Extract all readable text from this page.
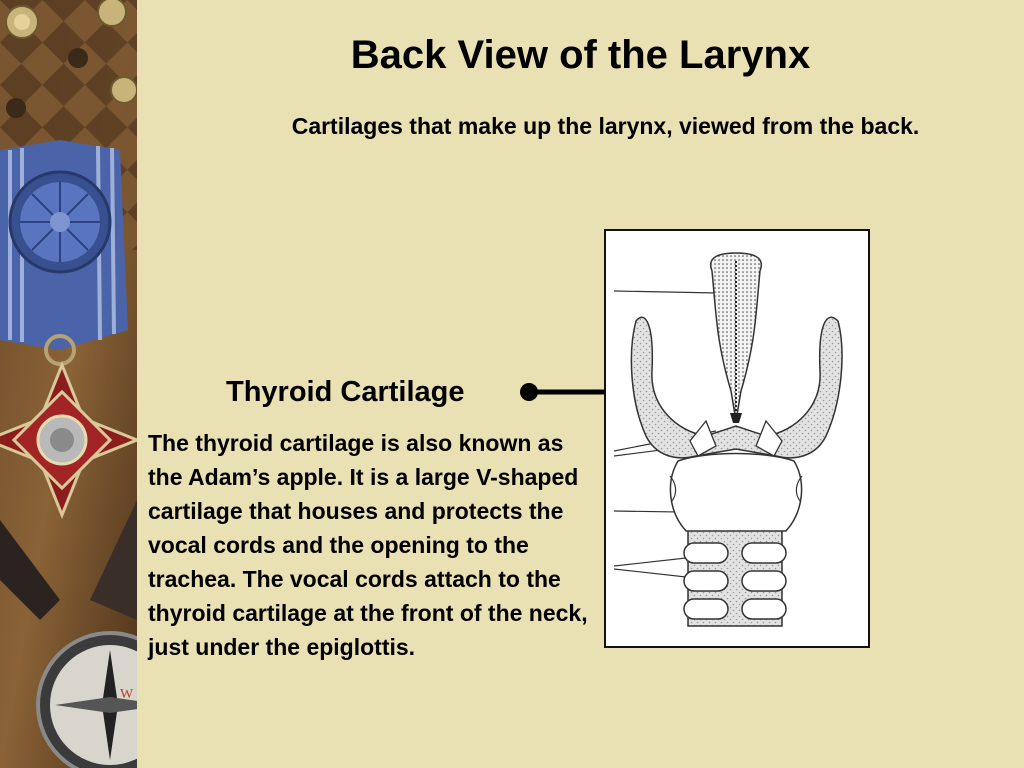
W
Back View of the Larynx

Cartilages that make up the larynx, viewed from the back.

Thyroid Cartilage

The thyroid cartilage is also known as the Adam’s apple. It is a large V-shaped cartilage that houses and protects the vocal cords and the opening to the trachea. The vocal cords attach to the thyroid cartilage at the front of the neck, just under the epiglottis.
